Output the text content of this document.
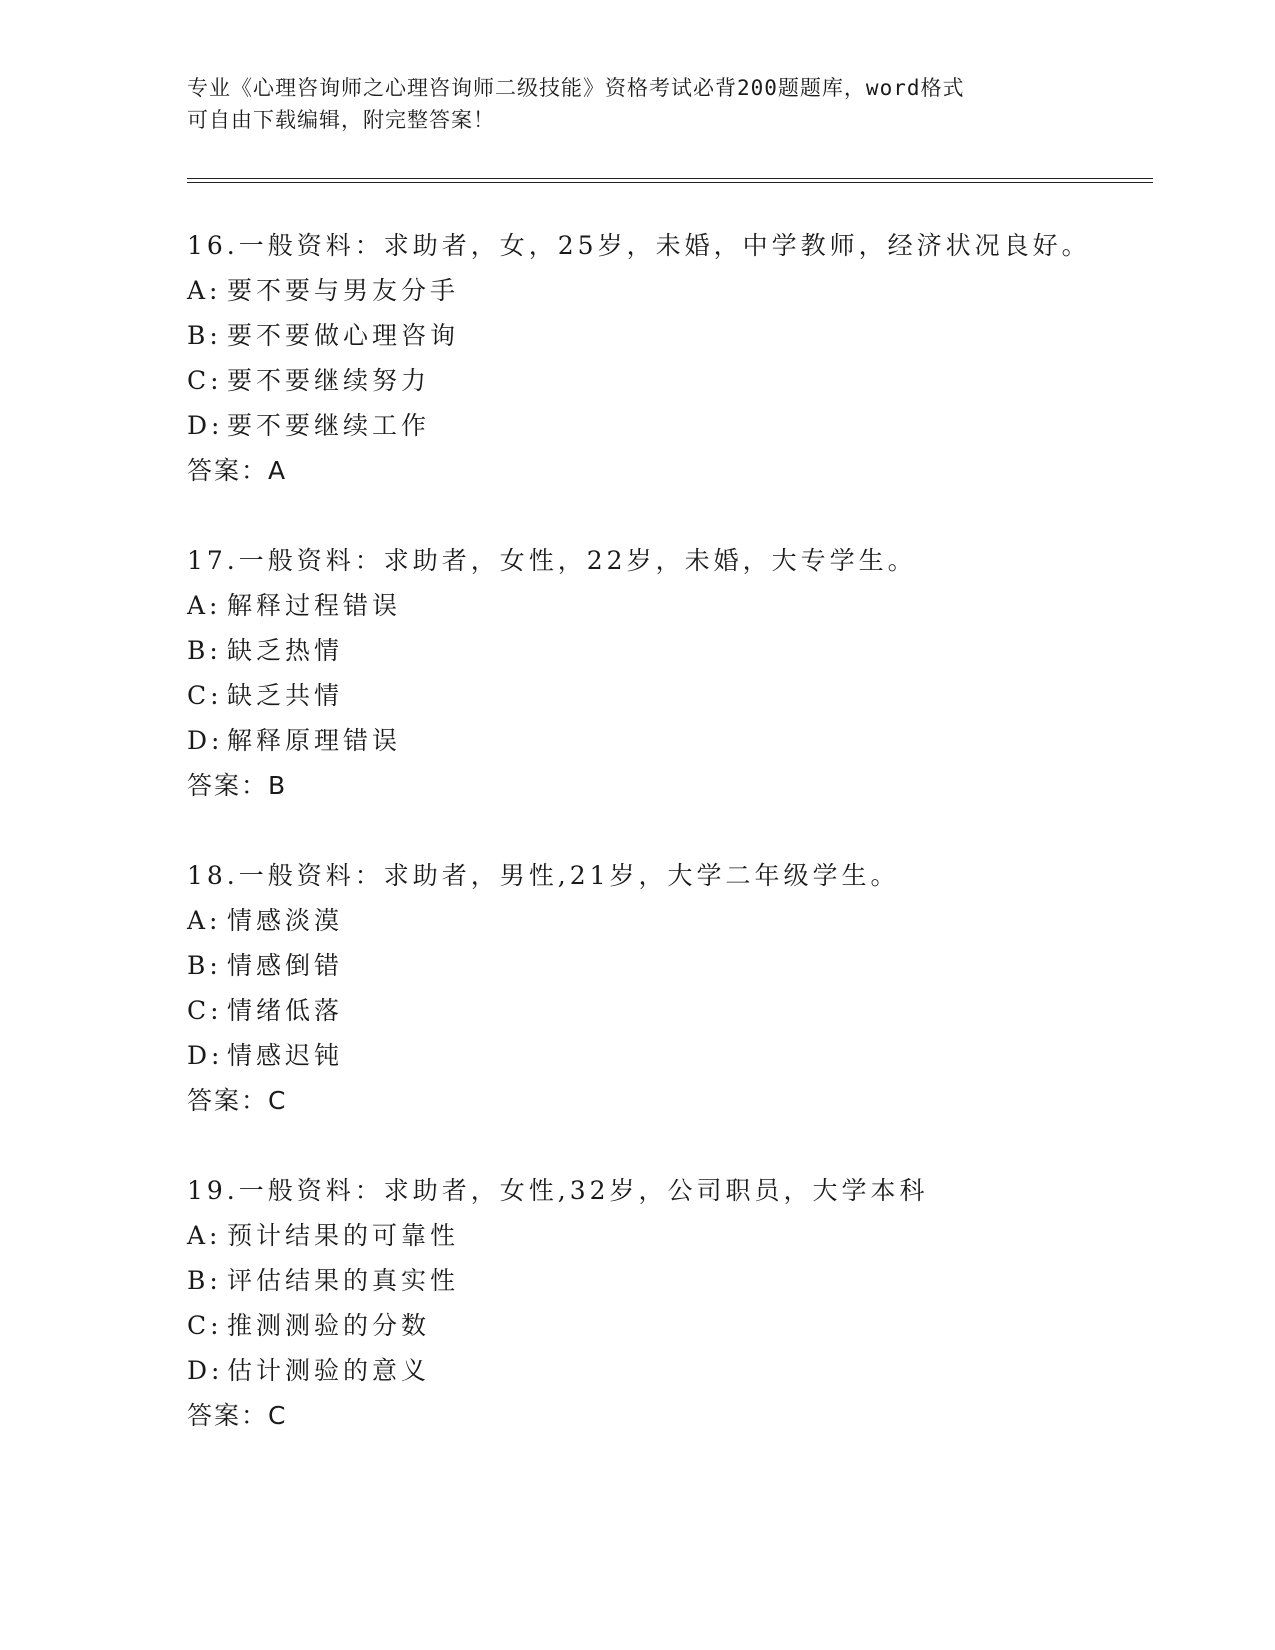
专业《心理咨询师之心理咨询师二级技能》资格考试必背200题题库，word格式
可自由下载编辑，附完整答案！
16.一般资料：求助者，女，25岁，未婚，中学教师，经济状况良好。
A: 要不要与男友分手
B: 要不要做心理咨询
C: 要不要继续努力
D: 要不要继续工作
答案：A
17.一般资料：求助者，女性，22岁，未婚，大专学生。
A: 解释过程错误
B: 缺乏热情
C: 缺乏共情
D: 解释原理错误
答案：B
18.一般资料：求助者，男性,21岁，大学二年级学生。
A: 情感淡漠
B: 情感倒错
C: 情绪低落
D: 情感迟钝
答案：C
19.一般资料：求助者，女性,32岁，公司职员，大学本科
A: 预计结果的可靠性
B: 评估结果的真实性
C: 推测测验的分数
D: 估计测验的意义
答案：C
